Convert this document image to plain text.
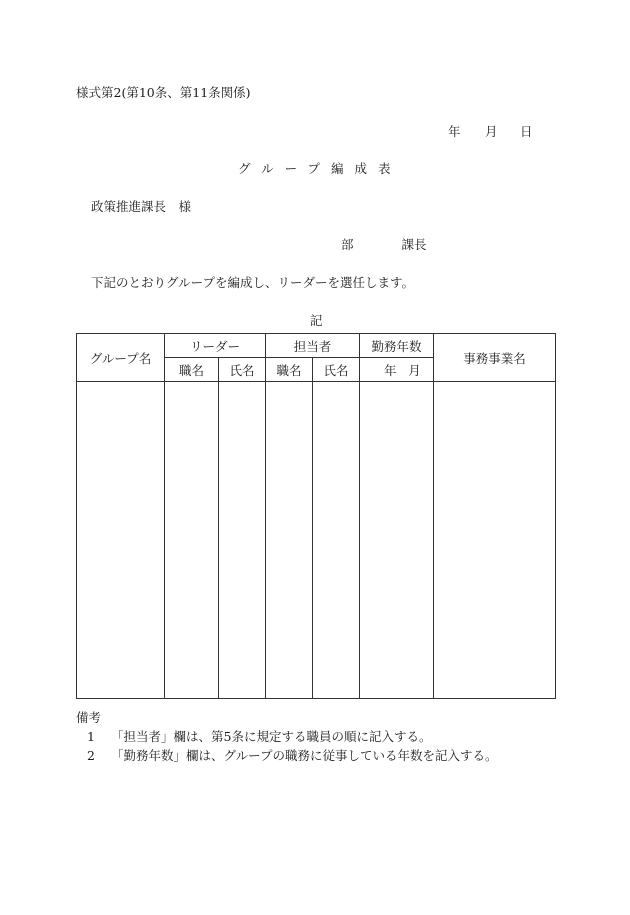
様式第2(第10条、第11条関係)
年 月 日
グループ編成表
政策推進課長　様
部	課長
下記のとおりグループを編成し、リーダーを選任します。
記
グループ名	リーダー		担当者		勤務年数	事務事業名
	職名	氏名	職名	氏名	年 月	

備考
1 「担当者」欄は、第5条に規定する職員の順に記入する。
2 「勤務年数」欄は、グループの職務に従事している年数を記入する。
